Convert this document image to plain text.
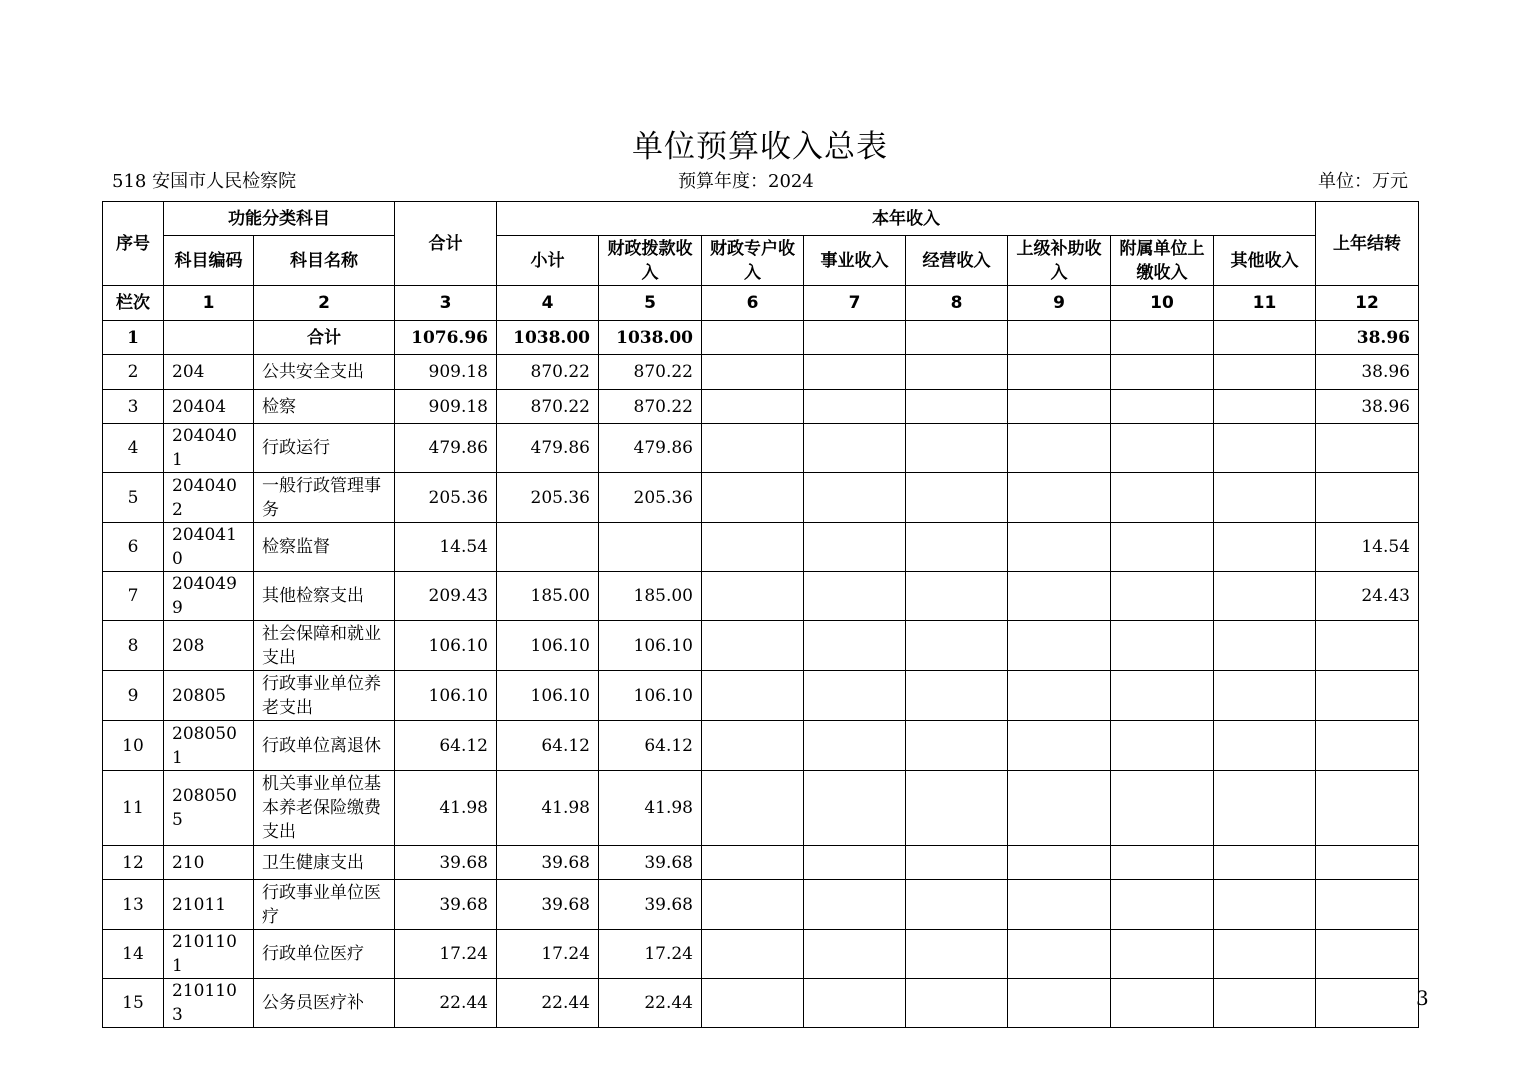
单位预算收入总表
518 安国市人民检察院	预算年度：2024	单位：万元
序号	功能分类科目		合计	本年收入								上年结转
	科目编码	科目名称		小计	财政拨款收入	财政专户收入	事业收入	经营收入	上级补助收入	附属单位上缴收入	其他收入	
栏次	1	2	3	4	5	6	7	8	9	10	11	12
1		合计	1076.96	1038.00	1038.00							38.96
2	204	公共安全支出	909.18	870.22	870.22							38.96
3	20404	检察	909.18	870.22	870.22							38.96
4	2040401	行政运行	479.86	479.86	479.86							
5	2040402	一般行政管理事务	205.36	205.36	205.36							
6	2040410	检察监督	14.54									14.54
7	2040499	其他检察支出	209.43	185.00	185.00							24.43
8	208	社会保障和就业支出	106.10	106.10	106.10							
9	20805	行政事业单位养老支出	106.10	106.10	106.10							
10	2080501	行政单位离退休	64.12	64.12	64.12							
11	2080505	机关事业单位基本养老保险缴费支出	41.98	41.98	41.98							
12	210	卫生健康支出	39.68	39.68	39.68							
13	21011	行政事业单位医疗	39.68	39.68	39.68							
14	2101101	行政单位医疗	17.24	17.24	17.24							
15	2101103	公务员医疗补	22.44	22.44	22.44								3
